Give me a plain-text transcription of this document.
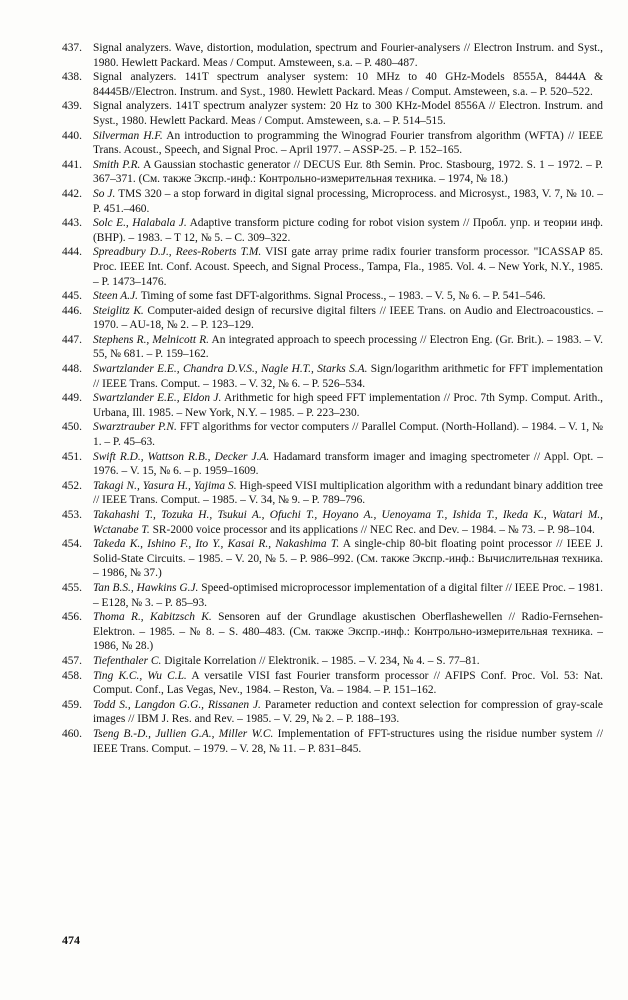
437. Signal analyzers. Wave, distortion, modulation, spectrum and Fourier-analysers // Electron Instrum. and Syst., 1980. Hewlett Packard. Meas / Comput. Amsteween, s.a. – P. 480–487.
438. Signal analyzers. 141T spectrum analyser system: 10 MHz to 40 GHz-Models 8555A, 8444A & 84445B//Electron. Instrum. and Syst., 1980. Hewlett Packard. Meas / Comput. Amsteween, s.a. – P. 520–522.
439. Signal analyzers. 141T spectrum analyzer system: 20 Hz to 300 KHz-Model 8556A // Electron. Instrum. and Syst., 1980. Hewlett Packard. Meas / Comput. Amsteween, s.a. – P. 514–515.
440. Silverman H.F. An introduction to programming the Winograd Fourier transfrom algorithm (WFTA) // IEEE Trans. Acoust., Speech, and Signal Proc. – April 1977. – ASSP-25. – P. 152–165.
441. Smith P.R. A Gaussian stochastic generator // DECUS Eur. 8th Semin. Proc. Stasbourg, 1972. S. 1 – 1972. – P. 367–371. (См. также Экспр.-инф.: Контрольно-измерительная техника. – 1974, № 18.)
442. So J. TMS 320 – a stop forward in digital signal processing, Microprocess. and Microsyst., 1983, V. 7, № 10. – P. 451.–460.
443. Solc E., Halabala J. Adaptive transform picture coding for robot vision system // Пробл. упр. и теории инф. (BHP). – 1983. – T 12, № 5. – C. 309–322.
444. Spreadbury D.J., Rees-Roberts T.M. VISI gate array prime radix fourier transform processor. "ICASSAP 85. Proc. IEEE Int. Conf. Acoust. Speech, and Signal Process., Tampa, Fla., 1985. Vol. 4. – New York, N.Y., 1985. – P. 1473–1476.
445. Steen A.J. Timing of some fast DFT-algorithms. Signal Process., – 1983. – V. 5, № 6. – P. 541–546.
446. Steiglitz K. Computer-aided design of recursive digital filters // IEEE Trans. on Audio and Electroacoustics. – 1970. – AU-18, № 2. – P. 123–129.
447. Stephens R., Melnicott R. An integrated approach to speech processing // Electron Eng. (Gr. Brit.). – 1983. – V. 55, № 681. – P. 159–162.
448. Swartzlander E.E., Chandra D.V.S., Nagle H.T., Starks S.A. Sign/logarithm arithmetic for FFT implementation // IEEE Trans. Comput. – 1983. – V. 32, № 6. – P. 526–534.
449. Swartzlander E.E., Eldon J. Arithmetic for high speed FFT implementation // Proc. 7th Symp. Comput. Arith., Urbana, Ill. 1985. – New York, N.Y. – 1985. – P. 223–230.
450. Swarztrauber P.N. FFT algorithms for vector computers // Parallel Comput. (North-Holland). – 1984. – V. 1, № 1. – P. 45–63.
451. Swift R.D., Wattson R.B., Decker J.A. Hadamard transform imager and imaging spectrometer // Appl. Opt. – 1976. – V. 15, № 6. – p. 1959–1609.
452. Takagi N., Yasura H., Yajima S. High-speed VISI multiplication algorithm with a redundant binary addition tree // IEEE Trans. Comput. – 1985. – V. 34, № 9. – P. 789–796.
453. Takahashi T., Tozuka H., Tsukui A., Ofuchi T., Hoyano A., Uenoyama T., Ishida T., Ikeda K., Watari M., Wctanabe T. SR-2000 voice processor and its applications // NEC Rec. and Dev. – 1984. – № 73. – P. 98–104.
454. Takeda K., Ishino F., Ito Y., Kasai R., Nakashima T. A single-chip 80-bit floating point processor // IEEE J. Solid-State Circuits. – 1985. – V. 20, № 5. – P. 986–992. (См. также Экспр.-инф.: Вычислительная техника. – 1986, № 37.)
455. Tan B.S., Hawkins G.J. Speed-optimised microprocessor implementation of a digital filter // IEEE Proc. – 1981. – E128, № 3. – P. 85–93.
456. Thoma R., Kabitzsch K. Sensoren auf der Grundlage akustischen Oberflashewellen // Radio-Fernsehen-Elektron. – 1985. – № 8. – S. 480–483. (См. также Экспр.-инф.: Контрольно-измерительная техника. – 1986, № 28.)
457. Tiefenthaler C. Digitale Korrelation // Elektronik. – 1985. – V. 234, № 4. – S. 77–81.
458. Ting K.C., Wu C.L. A versatile VISI fast Fourier transform processor // AFIPS Conf. Proc. Vol. 53: Nat. Comput. Conf., Las Vegas, Nev., 1984. – Reston, Va. – 1984. – P. 151–162.
459. Todd S., Langdon G.G., Rissanen J. Parameter reduction and context selection for compression of gray-scale images // IBM J. Res. and Rev. – 1985. – V. 29, № 2. – P. 188–193.
460. Tseng B.-D., Jullien G.A., Miller W.C. Implementation of FFT-structures using the risidue number system // IEEE Trans. Comput. – 1979. – V. 28, № 11. – P. 831–845.
474
